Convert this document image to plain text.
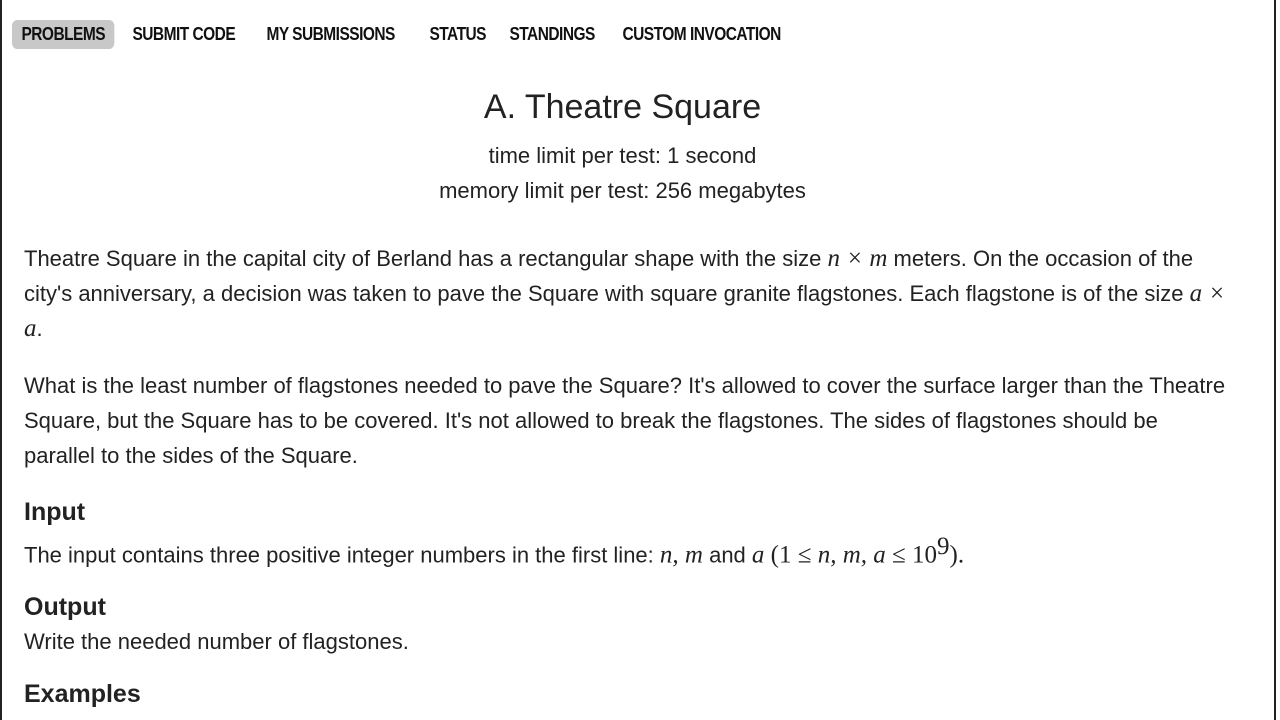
PROBLEMS	SUBMIT CODE	MY SUBMISSIONS	STATUS	STANDINGS	CUSTOM INVOCATION
A. Theatre Square
time limit per test: 1 second
memory limit per test: 256 megabytes

Theatre Square in the capital city of Berland has a rectangular shape with the size n × m meters. On the occasion of the city's anniversary, a decision was taken to pave the Square with square granite flagstones. Each flagstone is of the size a × a.

What is the least number of flagstones needed to pave the Square? It's allowed to cover the surface larger than the Theatre Square, but the Square has to be covered. It's not allowed to break the flagstones. The sides of flagstones should be parallel to the sides of the Square.

Input

The input contains three positive integer numbers in the first line: n, m and a (1 ≤ n, m, $a \le 10^9$).

Output

Write the needed number of flagstones.

Examples
